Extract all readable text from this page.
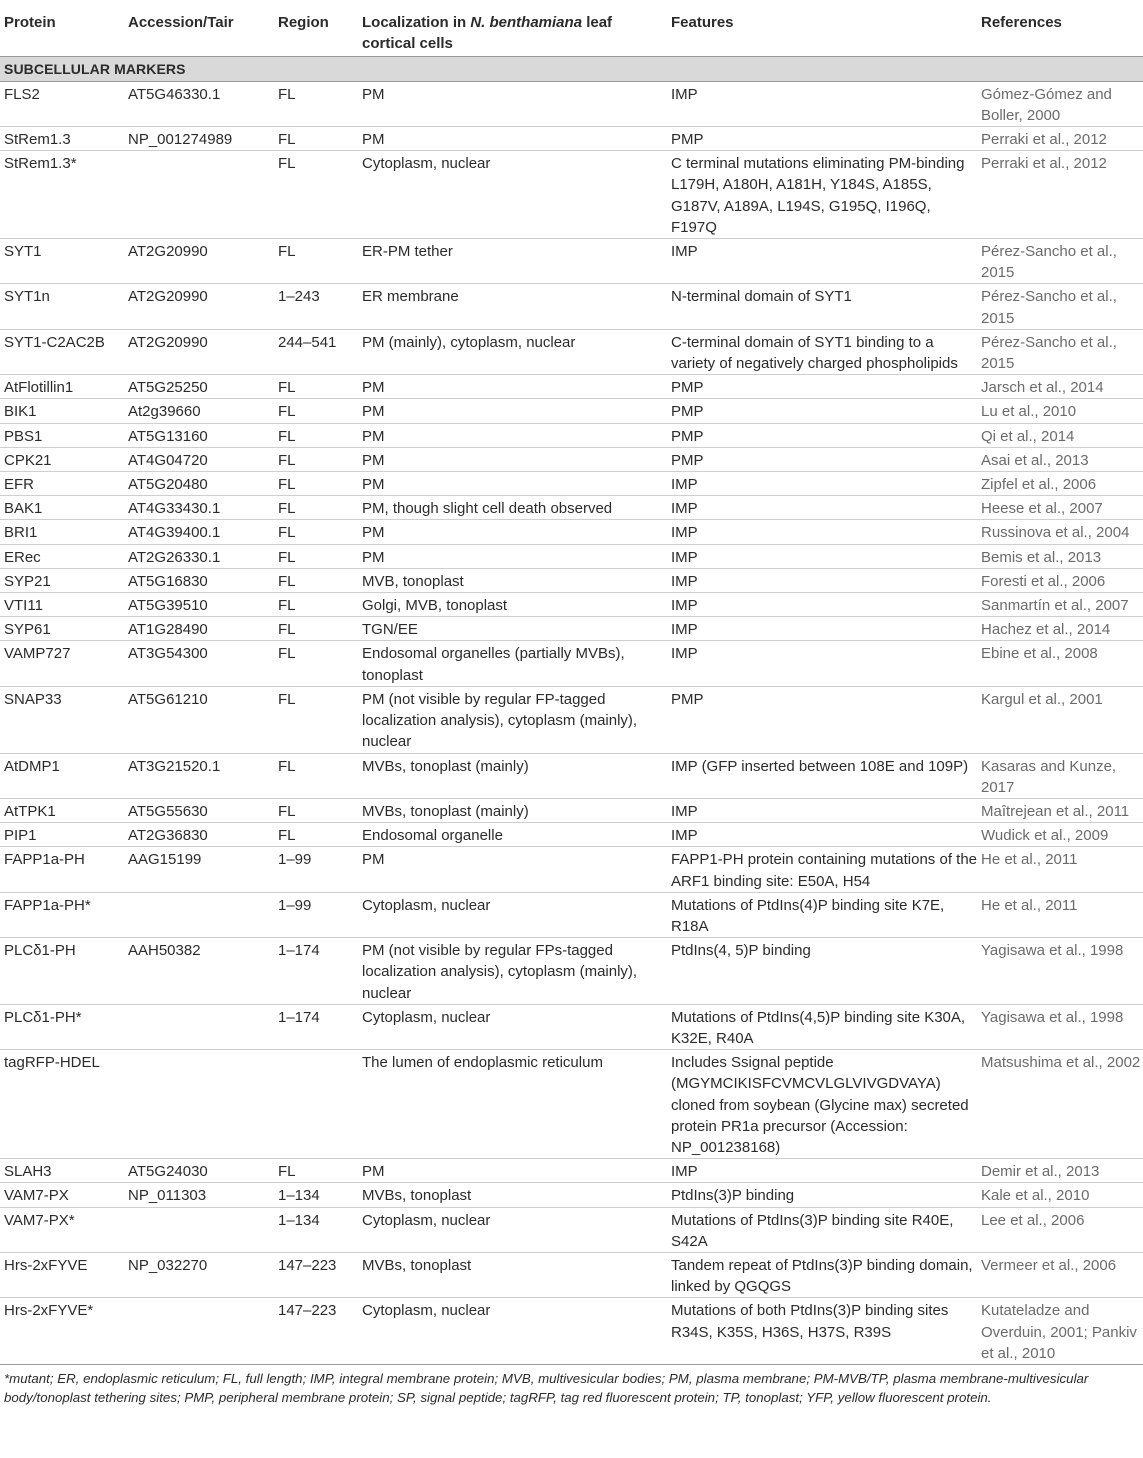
Protein	Accession/Tair	Region	Localization in N. benthamiana leaf cortical cells	Features	References
SUBCELLULAR MARKERS					
FLS2	AT5G46330.1	FL	PM	IMP	Gómez-Gómez and Boller, 2000
StRem1.3	NP_001274989	FL	PM	PMP	Perraki et al., 2012
StRem1.3*		FL	Cytoplasm, nuclear	C terminal mutations eliminating PM-binding L179H, A180H, A181H, Y184S, A185S, G187V, A189A, L194S, G195Q, I196Q, F197Q	Perraki et al., 2012
SYT1	AT2G20990	FL	ER-PM tether	IMP	Pérez-Sancho et al., 2015
SYT1n	AT2G20990	1–243	ER membrane	N-terminal domain of SYT1	Pérez-Sancho et al., 2015
SYT1-C2AC2B	AT2G20990	244–541	PM (mainly), cytoplasm, nuclear	C-terminal domain of SYT1 binding to a variety of negatively charged phospholipids	Pérez-Sancho et al., 2015
AtFlotillin1	AT5G25250	FL	PM	PMP	Jarsch et al., 2014
BIK1	At2g39660	FL	PM	PMP	Lu et al., 2010
PBS1	AT5G13160	FL	PM	PMP	Qi et al., 2014
CPK21	AT4G04720	FL	PM	PMP	Asai et al., 2013
EFR	AT5G20480	FL	PM	IMP	Zipfel et al., 2006
BAK1	AT4G33430.1	FL	PM, though slight cell death observed	IMP	Heese et al., 2007
BRI1	AT4G39400.1	FL	PM	IMP	Russinova et al., 2004
ERec	AT2G26330.1	FL	PM	IMP	Bemis et al., 2013
SYP21	AT5G16830	FL	MVB, tonoplast	IMP	Foresti et al., 2006
VTI11	AT5G39510	FL	Golgi, MVB, tonoplast	IMP	Sanmartín et al., 2007
SYP61	AT1G28490	FL	TGN/EE	IMP	Hachez et al., 2014
VAMP727	AT3G54300	FL	Endosomal organelles (partially MVBs), tonoplast	IMP	Ebine et al., 2008
SNAP33	AT5G61210	FL	PM (not visible by regular FP-tagged localization analysis), cytoplasm (mainly), nuclear	PMP	Kargul et al., 2001
AtDMP1	AT3G21520.1	FL	MVBs, tonoplast (mainly)	IMP (GFP inserted between 108E and 109P)	Kasaras and Kunze, 2017
AtTPK1	AT5G55630	FL	MVBs, tonoplast (mainly)	IMP	Maîtrejean et al., 2011
PIP1	AT2G36830	FL	Endosomal organelle	IMP	Wudick et al., 2009
FAPP1a-PH	AAG15199	1–99	PM	FAPP1-PH protein containing mutations of the ARF1 binding site: E50A, H54	He et al., 2011
FAPP1a-PH*		1–99	Cytoplasm, nuclear	Mutations of PtdIns(4)P binding site K7E, R18A	He et al., 2011
PLCδ1-PH	AAH50382	1–174	PM (not visible by regular FPs-tagged localization analysis), cytoplasm (mainly), nuclear	PtdIns(4, 5)P binding	Yagisawa et al., 1998
PLCδ1-PH*		1–174	Cytoplasm, nuclear	Mutations of PtdIns(4,5)P binding site K30A, K32E, R40A	Yagisawa et al., 1998
tagRFP-HDEL			The lumen of endoplasmic reticulum	Includes Ssignal peptide (MGYMCIKISFCVMCVLGLVIVGDVAYA) cloned from soybean (Glycine max) secreted protein PR1a precursor (Accession: NP_001238168)	Matsushima et al., 2002
SLAH3	AT5G24030	FL	PM	IMP	Demir et al., 2013
VAM7-PX	NP_011303	1–134	MVBs, tonoplast	PtdIns(3)P binding	Kale et al., 2010
VAM7-PX*		1–134	Cytoplasm, nuclear	Mutations of PtdIns(3)P binding site R40E, S42A	Lee et al., 2006
Hrs-2xFYVE	NP_032270	147–223	MVBs, tonoplast	Tandem repeat of PtdIns(3)P binding domain, linked by QGQGS	Vermeer et al., 2006
Hrs-2xFYVE*		147–223	Cytoplasm, nuclear	Mutations of both PtdIns(3)P binding sites R34S, K35S, H36S, H37S, R39S	Kutateladze and Overduin, 2001; Pankiv et al., 2010
*mutant; ER, endoplasmic reticulum; FL, full length; IMP, integral membrane protein; MVB, multivesicular bodies; PM, plasma membrane; PM-MVB/TP, plasma membrane-multivesicular body/tonoplast tethering sites; PMP, peripheral membrane protein; SP, signal peptide; tagRFP, tag red fluorescent protein; TP, tonoplast; YFP, yellow fluorescent protein.
